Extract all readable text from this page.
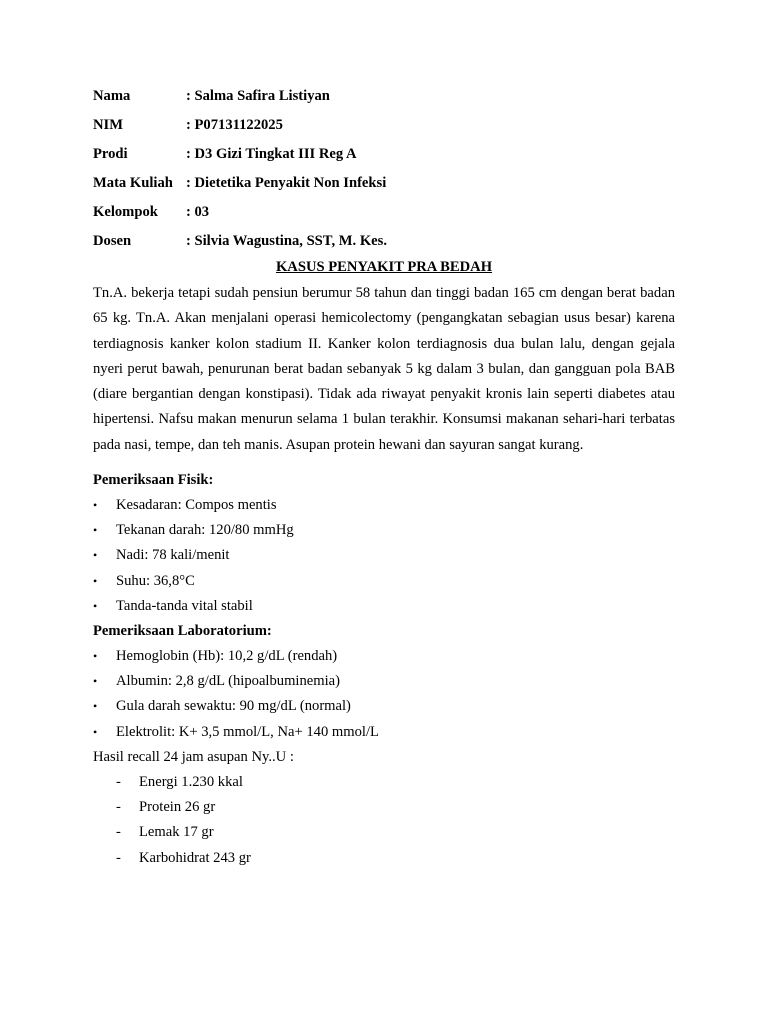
Nama	: Salma Safira Listiyan
NIM	: P07131122025
Prodi	: D3 Gizi Tingkat III Reg A
Mata Kuliah : Dietetika Penyakit Non Infeksi
Kelompok	: 03
Dosen	: Silvia Wagustina, SST, M. Kes.
KASUS PENYAKIT PRA BEDAH

Tn.A. bekerja tetapi sudah pensiun berumur 58 tahun dan tinggi badan 165 cm dengan berat badan 65 kg. Tn.A. Akan menjalani operasi hemicolectomy (pengangkatan sebagian usus besar) karena terdiagnosis kanker kolon stadium II. Kanker kolon terdiagnosis dua bulan lalu, dengan gejala nyeri perut bawah, penurunan berat badan sebanyak 5 kg dalam 3 bulan, dan gangguan pola BAB (diare bergantian dengan konstipasi). Tidak ada riwayat penyakit kronis lain seperti diabetes atau hipertensi. Nafsu makan menurun selama 1 bulan terakhir. Konsumsi makanan sehari-hari terbatas pada nasi, tempe, dan teh manis. Asupan protein hewani dan sayuran sangat kurang.

Pemeriksaan Fisik:
• Kesadaran: Compos mentis
• Tekanan darah: 120/80 mmHg
• Nadi: 78 kali/menit
• Suhu: 36,8°C
• Tanda-tanda vital stabil
Pemeriksaan Laboratorium:
• Hemoglobin (Hb): 10,2 g/dL (rendah)
• Albumin: 2,8 g/dL (hipoalbuminemia)
• Gula darah sewaktu: 90 mg/dL (normal)
• Elektrolit: K+ 3,5 mmol/L, Na+ 140 mmol/L
Hasil recall 24 jam asupan Ny..U :
- Energi 1.230 kkal
- Protein 26 gr
- Lemak 17 gr
- Karbohidrat 243 gr
